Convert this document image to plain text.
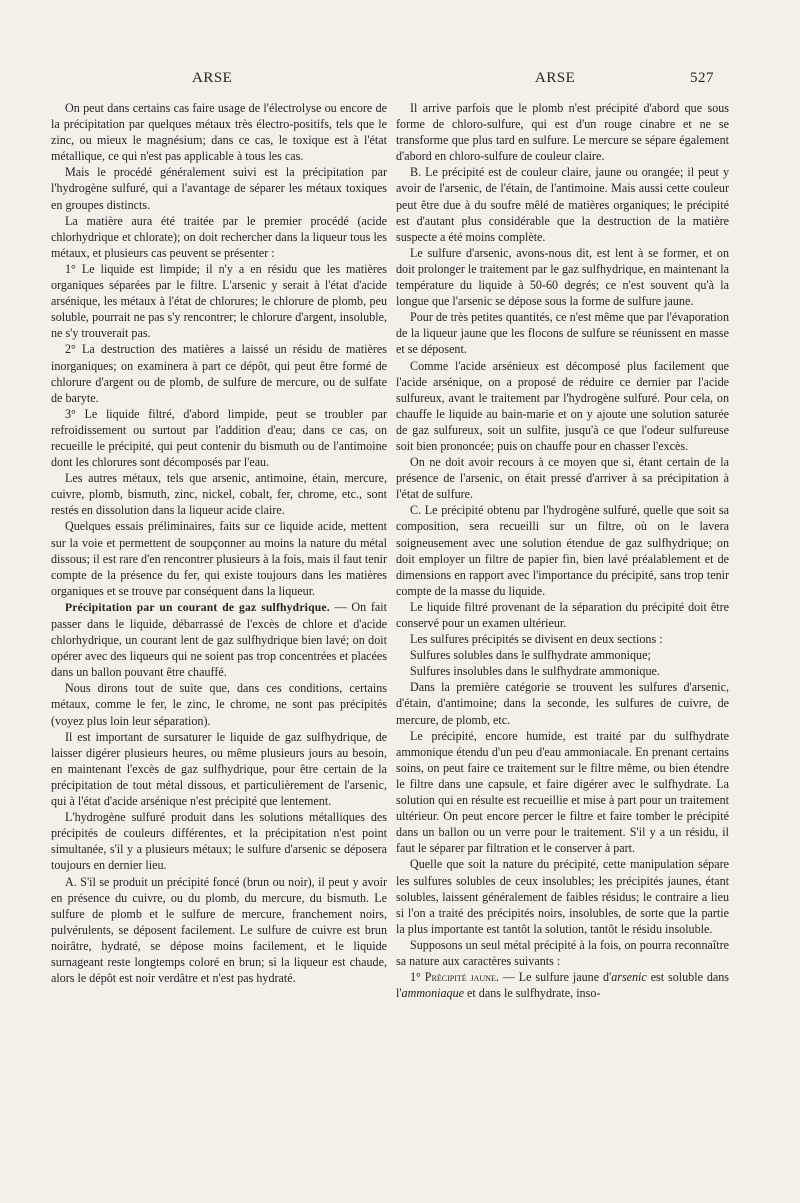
ARSE	ARSE	527

On peut dans certains cas faire usage de l'électrolyse ou encore de la précipitation par quelques métaux très électro-positifs, tels que le zinc, ou mieux le magnésium; dans ce cas, le toxique est à l'état métallique, ce qui n'est pas applicable à tous les cas.

Mais le procédé généralement suivi est la précipitation par l'hydrogène sulfuré, qui a l'avantage de séparer les métaux toxiques en groupes distincts.

La matière aura été traitée par le premier procédé (acide chlorhydrique et chlorate); on doit rechercher dans la liqueur tous les métaux, et plusieurs cas peuvent se présenter :

1° Le liquide est limpide; il n'y a en résidu que les matières organiques séparées par le filtre. L'arsenic y serait à l'état d'acide arsénique, les métaux à l'état de chlorures; le chlorure de plomb, peu soluble, pourrait ne pas s'y rencontrer; le chlorure d'argent, insoluble, ne s'y trouverait pas.

2° La destruction des matières a laissé un résidu de matières inorganiques; on examinera à part ce dépôt, qui peut être formé de chlorure d'argent ou de plomb, de sulfure de mercure, ou de sulfate de baryte.

3° Le liquide filtré, d'abord limpide, peut se troubler par refroidissement ou surtout par l'addition d'eau; dans ce cas, on recueille le précipité, qui peut contenir du bismuth ou de l'antimoine dont les chlorures sont décomposés par l'eau.

Les autres métaux, tels que arsenic, antimoine, étain, mercure, cuivre, plomb, bismuth, zinc, nickel, cobalt, fer, chrome, etc., sont restés en dissolution dans la liqueur acide claire.

Quelques essais préliminaires, faits sur ce liquide acide, mettent sur la voie et permettent de soupçonner au moins la nature du métal dissous; il est rare d'en rencontrer plusieurs à la fois, mais il faut tenir compte de la présence du fer, qui existe toujours dans les matières organiques et se trouve par conséquent dans la liqueur.

Précipitation par un courant de gaz sulfhydrique. — On fait passer dans le liquide, débarrassé de l'excès de chlore et d'acide chlorhydrique, un courant lent de gaz sulfhydrique bien lavé; on doit opérer avec des liqueurs qui ne soient pas trop concentrées et placées dans un ballon pouvant être chauffé.

Nous dirons tout de suite que, dans ces conditions, certains métaux, comme le fer, le zinc, le chrome, ne sont pas précipités (voyez plus loin leur séparation).

Il est important de sursaturer le liquide de gaz sulfhydrique, de laisser digérer plusieurs heures, ou même plusieurs jours au besoin, en maintenant l'excès de gaz sulfhydrique, pour être certain de la précipitation de tout métal dissous, et particulièrement de l'arsenic, qui à l'état d'acide arsénique n'est précipité que lentement.

L'hydrogène sulfuré produit dans les solutions métalliques des précipités de couleurs différentes, et la précipitation n'est point simultanée, s'il y a plusieurs métaux; le sulfure d'arsenic se déposera toujours en dernier lieu.

A. S'il se produit un précipité foncé (brun ou noir), il peut y avoir en présence du cuivre, ou du plomb, du mercure, du bismuth. Le sulfure de plomb et le sulfure de mercure, franchement noirs, pulvérulents, se déposent facilement. Le sulfure de cuivre est brun noirâtre, hydraté, se dépose moins facilement, et le liquide surnageant reste longtemps coloré en brun; si la liqueur est chaude, alors le dépôt est noir verdâtre et n'est pas hydraté.

Il arrive parfois que le plomb n'est précipité d'abord que sous forme de chloro-sulfure, qui est d'un rouge cinabre et ne se transforme que plus tard en sulfure. Le mercure se sépare également d'abord en chloro-sulfure de couleur claire.

B. Le précipité est de couleur claire, jaune ou orangée; il peut y avoir de l'arsenic, de l'étain, de l'antimoine. Mais aussi cette couleur peut être due à du soufre mêlé de matières organiques; le précipité est d'autant plus considérable que la destruction de la matière suspecte a été moins complète.

Le sulfure d'arsenic, avons-nous dit, est lent à se former, et on doit prolonger le traitement par le gaz sulfhydrique, en maintenant la température du liquide à 50-60 degrés; ce n'est souvent qu'à la longue que l'arsenic se dépose sous la forme de sulfure jaune.

Pour de très petites quantités, ce n'est même que par l'évaporation de la liqueur jaune que les flocons de sulfure se réunissent en masse et se déposent.

Comme l'acide arsénieux est décomposé plus facilement que l'acide arsénique, on a proposé de réduire ce dernier par l'acide sulfureux, avant le traitement par l'hydrogène sulfuré. Pour cela, on chauffe le liquide au bain-marie et on y ajoute une solution saturée de gaz sulfureux, soit un sulfite, jusqu'à ce que l'odeur sulfureuse soit bien prononcée; puis on chauffe pour en chasser l'excès.

On ne doit avoir recours à ce moyen que si, étant certain de la présence de l'arsenic, on était pressé d'arriver à sa précipitation à l'état de sulfure.

C. Le précipité obtenu par l'hydrogène sulfuré, quelle que soit sa composition, sera recueilli sur un filtre, où on le lavera soigneusement avec une solution étendue de gaz sulfhydrique; on doit employer un filtre de papier fin, bien lavé préalablement et de dimensions en rapport avec l'importance du précipité, sans trop tenir compte de la masse du liquide.

Le liquide filtré provenant de la séparation du précipité doit être conservé pour un examen ultérieur.

Les sulfures précipités se divisent en deux sections :

Sulfures solubles dans le sulfhydrate ammonique;

Sulfures insolubles dans le sulfhydrate ammonique.

Dans la première catégorie se trouvent les sulfures d'arsenic, d'étain, d'antimoine; dans la seconde, les sulfures de cuivre, de mercure, de plomb, etc.

Le précipité, encore humide, est traité par du sulfhydrate ammonique étendu d'un peu d'eau ammoniacale. En prenant certains soins, on peut faire ce traitement sur le filtre même, ou bien étendre le filtre dans une capsule, et faire digérer avec le sulfhydrate. La solution qui en résulte est recueillie et mise à part pour un traitement ultérieur. On peut encore percer le filtre et faire tomber le précipité dans un ballon ou un verre pour le traitement. S'il y a un résidu, il faut le séparer par filtration et le conserver à part.

Quelle que soit la nature du précipité, cette manipulation sépare les sulfures solubles de ceux insolubles; les précipités jaunes, étant solubles, laissent généralement de faibles résidus; le contraire a lieu si l'on a traité des précipités noirs, insolubles, de sorte que la partie la plus importante est tantôt la solution, tantôt le résidu insoluble.

Supposons un seul métal précipité à la fois, on pourra reconnaître sa nature aux caractères suivants :

1° Précipité jaune. — Le sulfure jaune d'arsenic est soluble dans l'ammoniaque et dans le sulfhydrate, inso-
